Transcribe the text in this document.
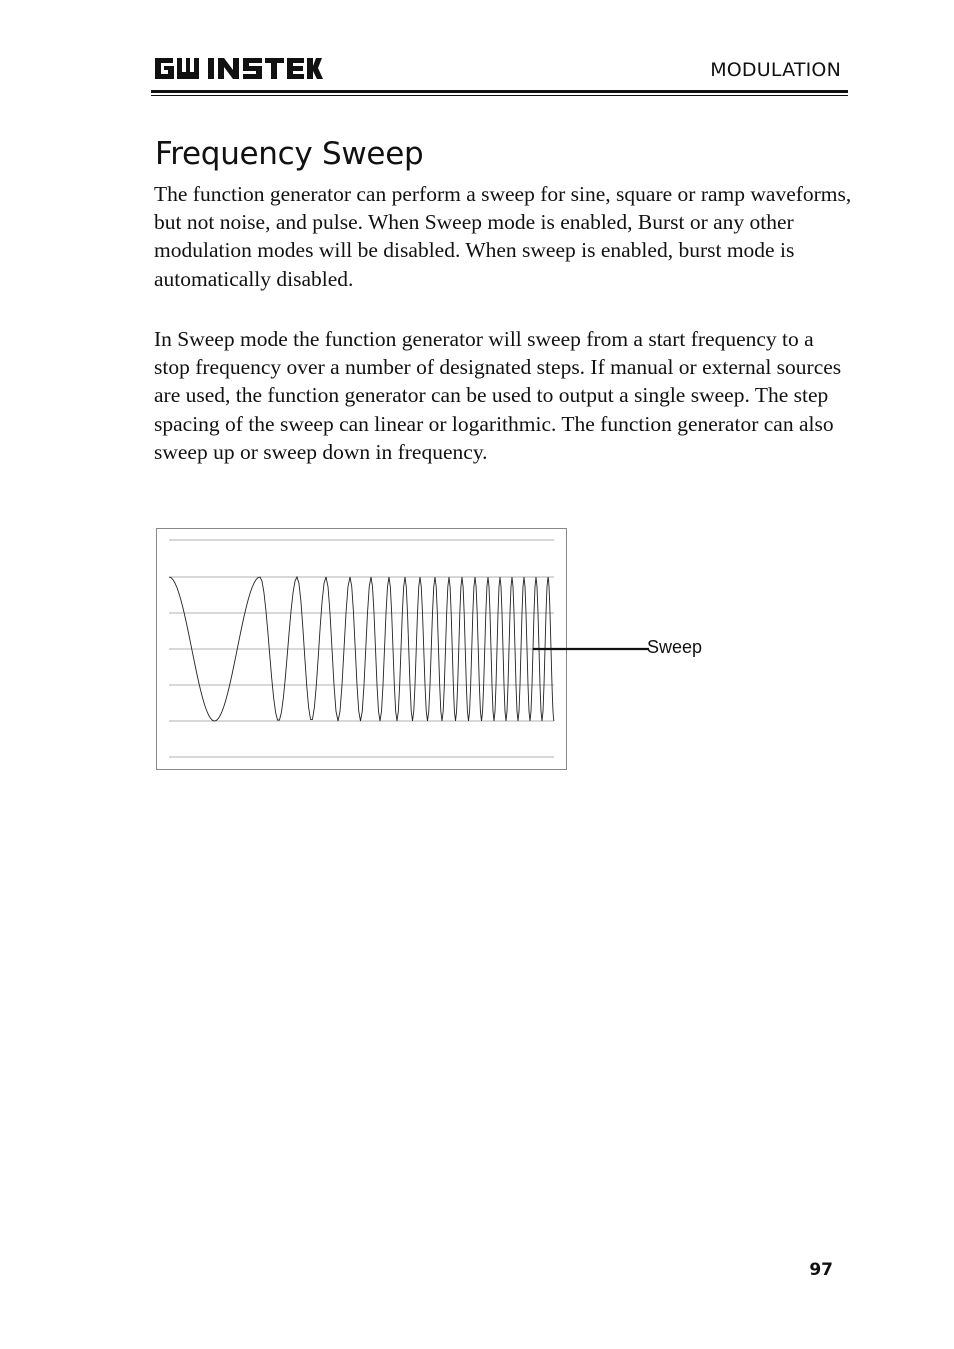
MODULATION
Frequency Sweep

The function generator can perform a sweep for sine, square or ramp waveforms, but not noise, and pulse. When Sweep mode is enabled, Burst or any other modulation modes will be disabled. When sweep is enabled, burst mode is automatically disabled.

In Sweep mode the function generator will sweep from a start frequency to a stop frequency over a number of designated steps. If manual or external sources are used, the function generator can be used to output a single sweep. The step spacing of the sweep can linear or logarithmic. The function generator can also sweep up or sweep down in frequency.

Sweep
97
